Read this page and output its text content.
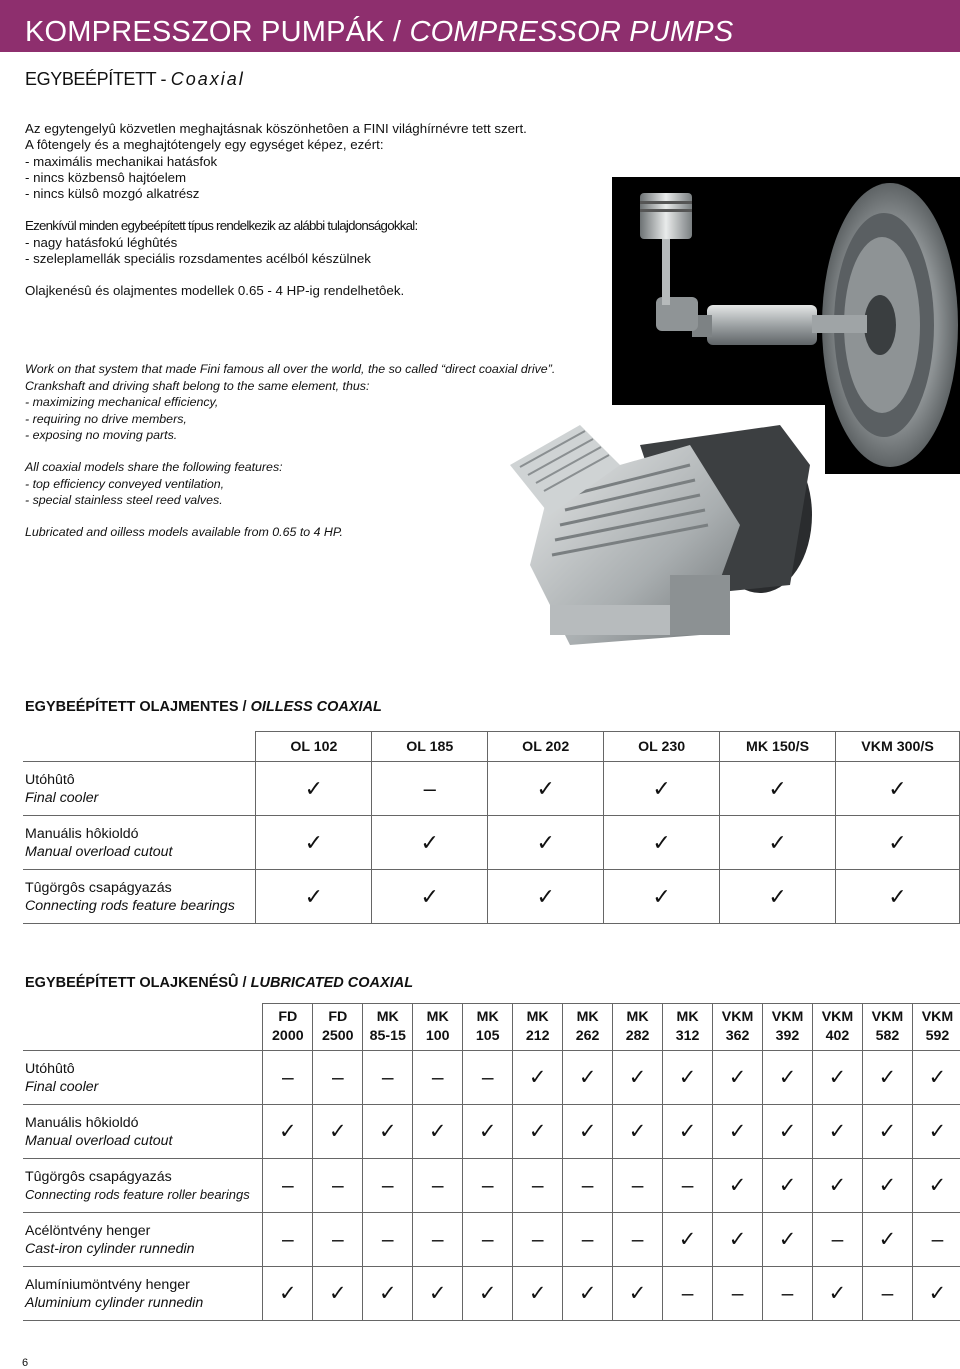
KOMPRESSZOR PUMPÁK / COMPRESSOR PUMPS
EGYBEÉPÍTETT - Coaxial

Az egytengelyû közvetlen meghajtásnak köszönhetôen a FINI világhírnévre tett szert.

A fôtengely és a meghajtótengely egy egységet képez, ezért:

- maximális mechanikai hatásfok

- nincs közbensô hajtóelem

- nincs külsô mozgó alkatrész

Ezenkívül minden egybeépített típus rendelkezik az alábbi tulajdonságokkal:

- nagy hatásfokú léghûtés

- szeleplamellák speciális rozsdamentes acélból készülnek

Olajkenésû és olajmentes modellek 0.65 - 4 HP-ig rendelhetôek.

Work on that system that made Fini famous all over the world, the so called “direct coaxial drive”.

Crankshaft and driving shaft belong to the same element, thus:

- maximizing mechanical efficiency,

- requiring no drive members,

- exposing no moving parts.

All coaxial models share the following features:

- top efficiency conveyed ventilation,

- special stainless steel reed valves.

Lubricated and oilless models available from 0.65 to 4 HP.

EGYBEÉPÍTETT OLAJMENTES / OILLESS COAXIAL
	OL 102	OL 185	OL 202	OL 230	MK 150/S	VKM 300/S
Utóhûtô
Final cooler	✓	–	✓	✓	✓	✓
Manuális hôkioldó
Manual overload cutout	✓	✓	✓	✓	✓	✓
Tûgörgôs csapágyazás
Connecting rods feature bearings	✓	✓	✓	✓	✓	✓
EGYBEÉPÍTETT OLAJKENÉSÛ / LUBRICATED COAXIAL
	FD
2000	FD
2500	MK
85-15	MK
100	MK
105	MK
212	MK
262	MK
282	MK
312	VKM
362	VKM
392	VKM
402	VKM
582	VKM
592
Utóhûtô
Final cooler	–	–	–	–	–	✓	✓	✓	✓	✓	✓	✓	✓	✓
Manuális hôkioldó
Manual overload cutout	✓	✓	✓	✓	✓	✓	✓	✓	✓	✓	✓	✓	✓	✓
Tûgörgôs csapágyazás
Connecting rods feature roller bearings	–	–	–	–	–	–	–	–	–	✓	✓	✓	✓	✓
Acélöntvény henger
Cast-iron cylinder runnedin	–	–	–	–	–	–	–	–	✓	✓	✓	–	✓	–
Alumíniumöntvény henger
Aluminium cylinder runnedin	✓	✓	✓	✓	✓	✓	✓	✓	–	–	–	✓	–	✓
6
